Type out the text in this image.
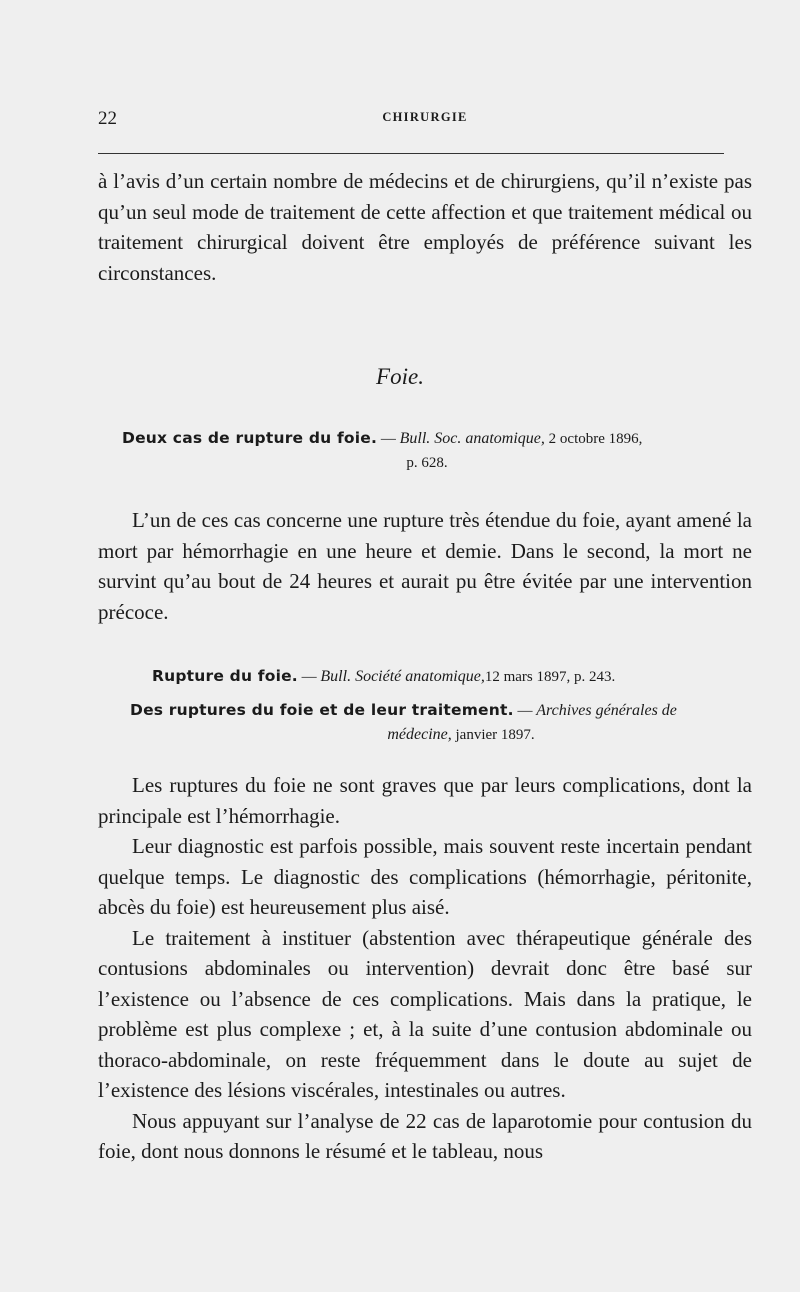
22	CHIRURGIE

à l’avis d’un certain nombre de médecins et de chirurgiens, qu’il n’existe pas qu’un seul mode de traitement de cette affection et que traitement médical ou traitement chirurgical doivent être employés de préférence suivant les circonstances.

Foie.
Deux cas de rupture du foie. — Bull. Soc. anatomique, 2 octobre 1896,
p. 628.

L’un de ces cas concerne une rupture très étendue du foie, ayant amené la mort par hémorrhagie en une heure et demie. Dans le second, la mort ne survint qu’au bout de 24 heures et aurait pu être évitée par une intervention précoce.

Rupture du foie. — Bull. Société anatomique,12 mars 1897, p. 243.
Des ruptures du foie et de leur traitement. — Archives générales de
médecine, janvier 1897.

Les ruptures du foie ne sont graves que par leurs complications, dont la principale est l’hémorrhagie.

Leur diagnostic est parfois possible, mais souvent reste incertain pendant quelque temps. Le diagnostic des complications (hémorrhagie, péritonite, abcès du foie) est heureusement plus aisé.

Le traitement à instituer (abstention avec thérapeutique générale des contusions abdominales ou intervention) devrait donc être basé sur l’existence ou l’absence de ces complications. Mais dans la pratique, le problème est plus complexe ; et, à la suite d’une contusion abdominale ou thoraco-abdominale, on reste fréquemment dans le doute au sujet de l’existence des lésions viscérales, intestinales ou autres.

Nous appuyant sur l’analyse de 22 cas de laparotomie pour contusion du foie, dont nous donnons le résumé et le tableau, nous
